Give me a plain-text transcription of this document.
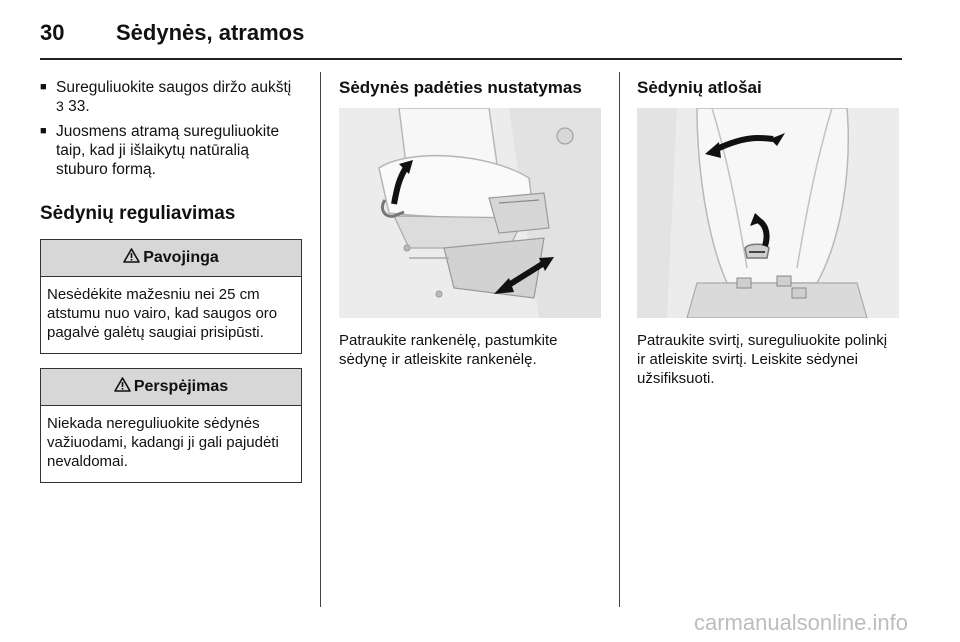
30 Sėdynės, atramos
■ Sureguliuokite saugos diržo aukštį
3 33.
■ Juosmens atramą sureguliuokite taip, kad ji išlaikytų natūralią stuburo formą.
Sėdynių reguliavimas
Pavojinga
Nesėdėkite mažesniu nei 25 cm atstumu nuo vairo, kad saugos oro pagalvė galėtų saugiai prisipūsti.
Perspėjimas
Niekada nereguliuokite sėdynės važiuodami, kadangi ji gali pajudėti nevaldomai.
Sėdynės padėties nustatymas
Patraukite rankenėlę, pastumkite sėdynę ir atleiskite rankenėlę.
Sėdynių atlošai
Patraukite svirtį, sureguliuokite polinkį ir atleiskite svirtį. Leiskite sėdynei užsifiksuoti.
carmanualsonline.info
